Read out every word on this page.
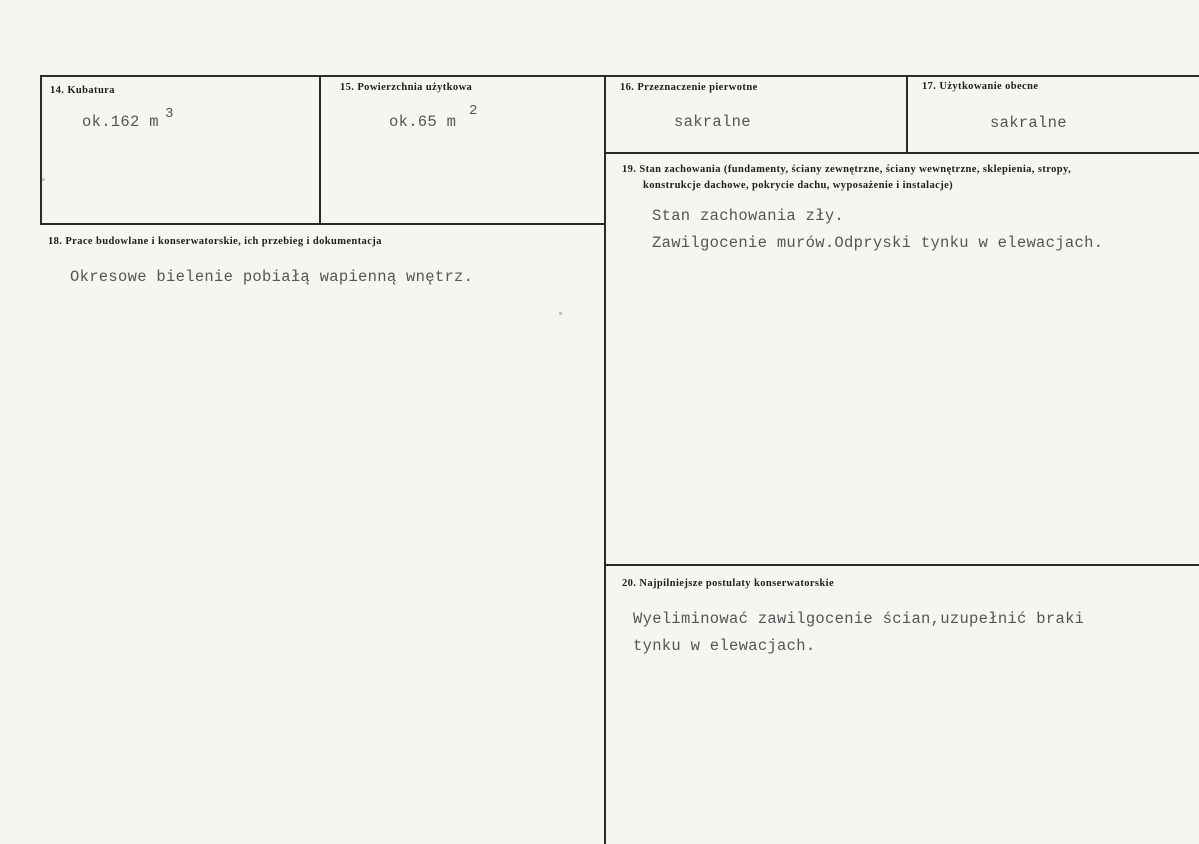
14. Kubatura
ok.162 m 3
15. Powierzchnia użytkowa
ok.65 m
2
16. Przeznaczenie pierwotne
sakralne
17. Użytkowanie obecne
sakralne
18. Prace budowlane i konserwatorskie, ich przebieg i dokumentacja
Okresowe bielenie pobiałą wapienną wnętrz.
19. Stan zachowania (fundamenty, ściany zewnętrzne, ściany wewnętrzne, sklepienia, stropy,
konstrukcje dachowe, pokrycie dachu, wyposażenie i instalacje)
Stan zachowania zły.
Zawilgocenie murów.Odpryski tynku w elewacjach.
20. Najpilniejsze postulaty konserwatorskie
Wyeliminować zawilgocenie ścian,uzupełnić braki
tynku w elewacjach.
